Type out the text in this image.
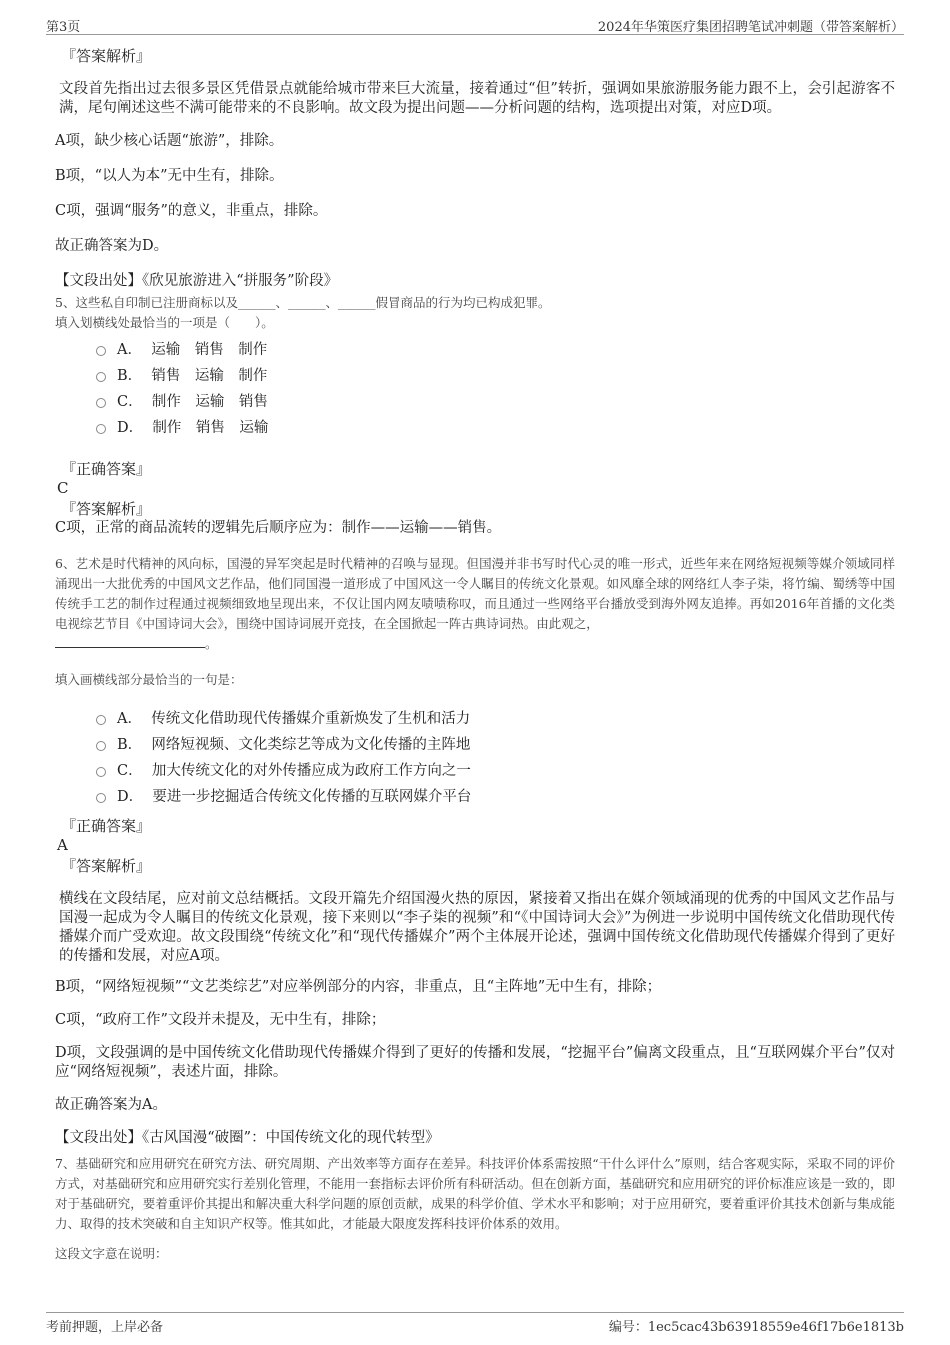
第3页	2024年华策医疗集团招聘笔试冲刺题（带答案解析）

『答案解析』

文段首先指出过去很多景区凭借景点就能给城市带来巨大流量，接着通过“但”转折，强调如果旅游服务能力跟不上，会引起游客不满，尾句阐述这些不满可能带来的不良影响。故文段为提出问题——分析问题的结构，选项提出对策，对应D项。

A项，缺少核心话题“旅游”，排除。

B项，“以人为本”无中生有，排除。

C项，强调“服务”的意义，非重点，排除。

故正确答案为D。

【文段出处】《欣见旅游进入“拼服务”阶段》

5、这些私自印制已注册商标以及______、______、______假冒商品的行为均已构成犯罪。

填入划横线处最恰当的一项是（　　）。

A． 运输　销售　制作
B． 销售　运输　制作
C． 制作　运输　销售
D． 制作　销售　运输

『正确答案』

C

『答案解析』

C项，正常的商品流转的逻辑先后顺序应为：制作——运输——销售。

6、艺术是时代精神的风向标，国漫的异军突起是时代精神的召唤与显现。但国漫并非书写时代心灵的唯一形式，近些年来在网络短视频等媒介领域同样涌现出一大批优秀的中国风文艺作品，他们同国漫一道形成了中国风这一令人瞩目的传统文化景观。如风靡全球的网络红人李子柒，将竹编、蜀绣等中国传统手工艺的制作过程通过视频细致地呈现出来，不仅让国内网友啧啧称叹，而且通过一些网络平台播放受到海外网友追捧。再如2016年首播的文化类电视综艺节目《中国诗词大会》，围绕中国诗词展开竞技，在全国掀起一阵古典诗词热。由此观之，
。

填入画横线部分最恰当的一句是：

A． 传统文化借助现代传播媒介重新焕发了生机和活力
B． 网络短视频、文化类综艺等成为文化传播的主阵地
C． 加大传统文化的对外传播应成为政府工作方向之一
D． 要进一步挖掘适合传统文化传播的互联网媒介平台

『正确答案』

A

『答案解析』

横线在文段结尾，应对前文总结概括。文段开篇先介绍国漫火热的原因，紧接着又指出在媒介领域涌现的优秀的中国风文艺作品与国漫一起成为令人瞩目的传统文化景观，接下来则以“李子柒的视频”和“《中国诗词大会》”为例进一步说明中国传统文化借助现代传播媒介而广受欢迎。故文段围绕“传统文化”和“现代传播媒介”两个主体展开论述，强调中国传统文化借助现代传播媒介得到了更好的传播和发展，对应A项。

B项，“网络短视频”“文艺类综艺”对应举例部分的内容，非重点，且“主阵地”无中生有，排除；

C项，“政府工作”文段并未提及，无中生有，排除；

D项，文段强调的是中国传统文化借助现代传播媒介得到了更好的传播和发展，“挖掘平台”偏离文段重点，且“互联网媒介平台”仅对应“网络短视频”，表述片面，排除。

故正确答案为A。

【文段出处】《古风国漫“破圈”：中国传统文化的现代转型》

7、基础研究和应用研究在研究方法、研究周期、产出效率等方面存在差异。科技评价体系需按照“干什么评什么”原则，结合客观实际，采取不同的评价方式，对基础研究和应用研究实行差别化管理，不能用一套指标去评价所有科研活动。但在创新方面，基础研究和应用研究的评价标准应该是一致的，即对于基础研究，要着重评价其提出和解决重大科学问题的原创贡献，成果的科学价值、学术水平和影响；对于应用研究，要着重评价其技术创新与集成能力、取得的技术突破和自主知识产权等。惟其如此，才能最大限度发挥科技评价体系的效用。

这段文字意在说明：

考前押题，上岸必备	编号：1ec5cac43b63918559e46f17b6e1813b
